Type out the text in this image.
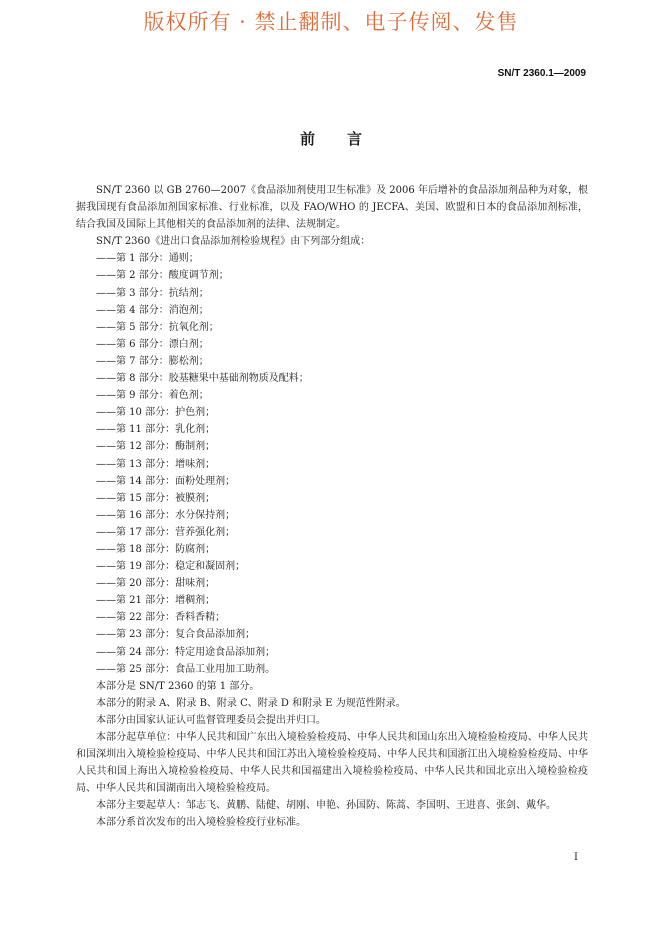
版权所有 · 禁止翻制、电子传阅、发售
SN/T 2360.1—2009
前言

SN/T 2360 以 GB 2760—2007《食品添加剂使用卫生标准》及 2006 年后增补的食品添加剂品种为对象，根据我国现有食品添加剂国家标准、行业标准，以及 FAO/WHO 的 JECFA、美国、欧盟和日本的食品添加剂标准，结合我国及国际上其他相关的食品添加剂的法律、法规制定。

SN/T 2360《进出口食品添加剂检验规程》由下列部分组成：

——第 1 部分：通则；
——第 2 部分：酸度调节剂；
——第 3 部分：抗结剂；
——第 4 部分：消泡剂；
——第 5 部分：抗氧化剂；
——第 6 部分：漂白剂；
——第 7 部分：膨松剂；
——第 8 部分：胶基糖果中基础剂物质及配料；
——第 9 部分：着色剂；
——第 10 部分：护色剂；
——第 11 部分：乳化剂；
——第 12 部分：酶制剂；
——第 13 部分：增味剂；
——第 14 部分：面粉处理剂；
——第 15 部分：被膜剂；
——第 16 部分：水分保持剂；
——第 17 部分：营养强化剂；
——第 18 部分：防腐剂；
——第 19 部分：稳定和凝固剂；
——第 20 部分：甜味剂；
——第 21 部分：增稠剂；
——第 22 部分：香料香精；
——第 23 部分：复合食品添加剂；
——第 24 部分：特定用途食品添加剂；
——第 25 部分：食品工业用加工助剂。

本部分是 SN/T 2360 的第 1 部分。

本部分的附录 A、附录 B、附录 C、附录 D 和附录 E 为规范性附录。

本部分由国家认证认可监督管理委员会提出并归口。

本部分起草单位：中华人民共和国广东出入境检验检疫局、中华人民共和国山东出入境检验检疫局、中华人民共和国深圳出入境检验检疫局、中华人民共和国江苏出入境检验检疫局、中华人民共和国浙江出入境检验检疫局、中华人民共和国上海出入境检验检疫局、中华人民共和国福建出入境检验检疫局、中华人民共和国北京出入境检验检疫局、中华人民共和国湖南出入境检验检疫局。

本部分主要起草人：邹志飞、黄鹏、陆健、胡刚、申艳、孙国防、陈蒿、李国明、王进喜、张剑、戴华。

本部分系首次发布的出入境检验检疫行业标准。

I
